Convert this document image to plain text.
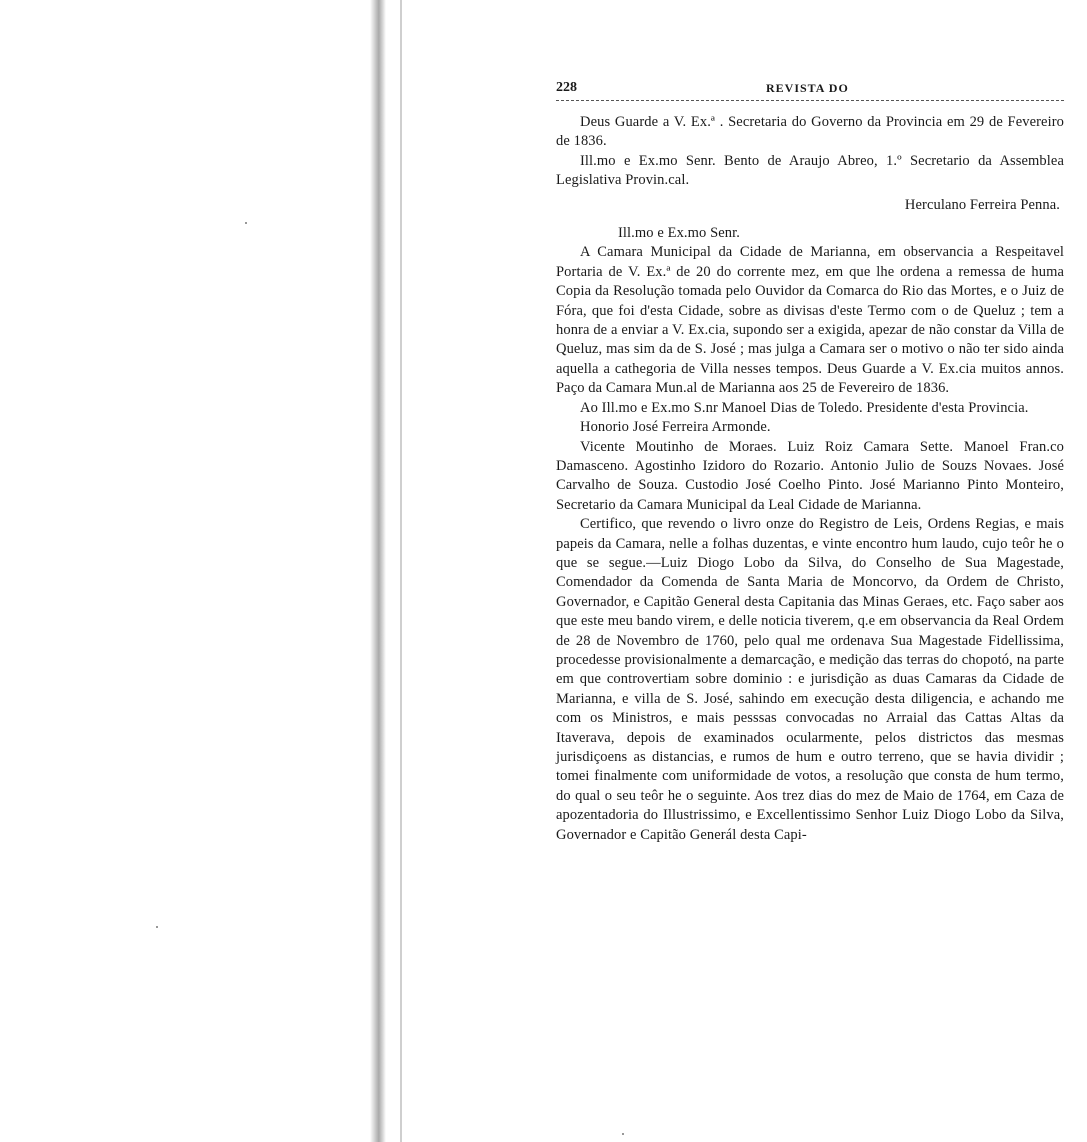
228	REVISTA DO

Deus Guarde a V. Ex.ª . Secretaria do Governo da Provincia em 29 de Fevereiro de 1836.

Ill.mo e Ex.mo Senr. Bento de Araujo Abreo, 1.º Secretario da Assemblea Legislativa Provin.cal.

Herculano Ferreira Penna.

Ill.mo e Ex.mo Senr.

A Camara Municipal da Cidade de Marianna, em observancia a Respeitavel Portaria de V. Ex.ª de 20 do corrente mez, em que lhe ordena a remessa de huma Copia da Resolução tomada pelo Ouvidor da Comarca do Rio das Mortes, e o Juiz de Fóra, que foi d'esta Cidade, sobre as divisas d'este Termo com o de Queluz ; tem a honra de a enviar a V. Ex.cia, supondo ser a exigida, apezar de não constar da Villa de Queluz, mas sim da de S. José ; mas julga a Camara ser o motivo o não ter sido ainda aquella a cathegoria de Villa nesses tempos. Deus Guarde a V. Ex.cia muitos annos. Paço da Camara Mun.al de Marianna aos 25 de Fevereiro de 1836.

Ao Ill.mo e Ex.mo S.nr Manoel Dias de Toledo. Presidente d'esta Provincia.

Honorio José Ferreira Armonde.

Vicente Moutinho de Moraes. Luiz Roiz Camara Sette. Manoel Fran.co Damasceno. Agostinho Izidoro do Rozario. Antonio Julio de Souzs Novaes. José Carvalho de Souza. Custodio José Coelho Pinto. José Marianno Pinto Monteiro, Secretario da Camara Municipal da Leal Cidade de Marianna.

Certifico, que revendo o livro onze do Registro de Leis, Ordens Regias, e mais papeis da Camara, nelle a folhas duzentas, e vinte encontro hum laudo, cujo teôr he o que se segue.—Luiz Diogo Lobo da Silva, do Conselho de Sua Magestade, Comendador da Comenda de Santa Maria de Moncorvo, da Ordem de Christo, Governador, e Capitão General desta Capitania das Minas Geraes, etc. Faço saber aos que este meu bando virem, e delle noticia tiverem, q.e em observancia da Real Ordem de 28 de Novembro de 1760, pelo qual me ordenava Sua Magestade Fidellissima, procedesse provisionalmente a demarcação, e medição das terras do chopotó, na parte em que controvertiam sobre dominio : e jurisdição as duas Camaras da Cidade de Marianna, e villa de S. José, sahindo em execução desta diligencia, e achando me com os Ministros, e mais pesssas convocadas no Arraial das Cattas Altas da Itaverava, depois de examinados ocularmente, pelos districtos das mesmas jurisdiçoens as distancias, e rumos de hum e outro terreno, que se havia dividir ; tomei finalmente com uniformidade de votos, a resolução que consta de hum termo, do qual o seu teôr he o seguinte. Aos trez dias do mez de Maio de 1764, em Caza de apozentadoria do Illustrissimo, e Excellentissimo Senhor Luiz Diogo Lobo da Silva, Governador e Capitão Generál desta Capi-
